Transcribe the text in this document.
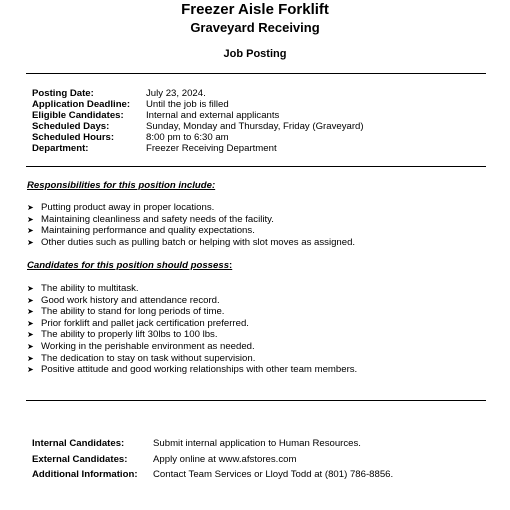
Freezer Aisle Forklift
Graveyard Receiving
Job Posting
Posting Date:	July 23, 2024.
Application Deadline:	Until the job is filled
Eligible Candidates:	Internal and external applicants
Scheduled Days:	Sunday, Monday and Thursday, Friday (Graveyard)
Scheduled Hours:	8:00 pm to 6:30 am
Department:	Freezer Receiving Department
Responsibilities for this position include:
➤ Putting product away in proper locations.
➤ Maintaining cleanliness and safety needs of the facility.
➤ Maintaining performance and quality expectations.
➤ Other duties such as pulling batch or helping with slot moves as assigned.
Candidates for this position should possess:
➤ The ability to multitask.
➤ Good work history and attendance record.
➤ The ability to stand for long periods of time.
➤ Prior forklift and pallet jack certification preferred.
➤ The ability to properly lift 30lbs to 100 lbs.
➤ Working in the perishable environment as needed.
➤ The dedication to stay on task without supervision.
➤ Positive attitude and good working relationships with other team members.
Internal Candidates:	Submit internal application to Human Resources.
External Candidates:	Apply online at www.afstores.com
Additional Information:	Contact Team Services or Lloyd Todd at (801) 786-8856.
